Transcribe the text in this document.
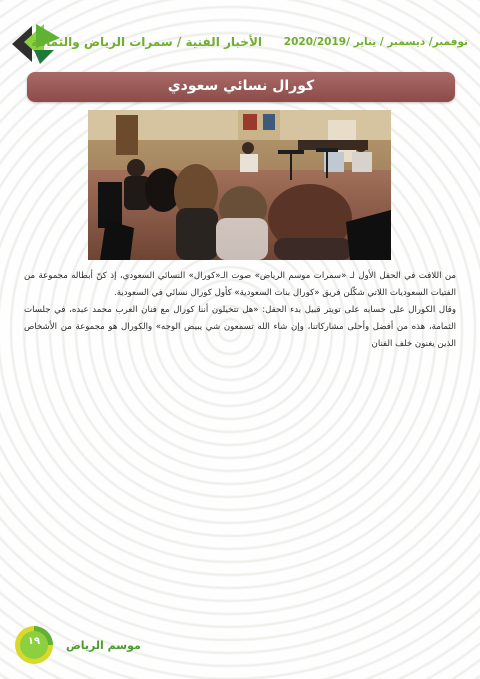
الأخبار الفنية / سمرات الرياض والثمامة نوفمبر/ ديسمبر / يناير /2020/2019
كورال نسائي سعودي

من اللافت في الحفل الأول لـ «سمرات موسم الرياض» صوت الـ«كورال» النسائي السعودي، إذ كنّ أبطاله مجموعة من الفتيات السعوديات اللاتي شكّلن فريق «كورال بنات السعودية» كأول كورال نسائي في السعودية.

وقال الكورال على حسابه على تويتر قبيل بدء الحفل: «هل تتخيلون أننا كورال مع فنان العرب محمد عبده، في جلسات الثمامة، هذه من أفضل وأحلى مشاركاتنا، وإن شاء الله تسمعون شي يبيض الوجه» والكورال هو مجموعة من الأشخاص الذين يغنون خلف الفنان

١٩	موسم الرياض
